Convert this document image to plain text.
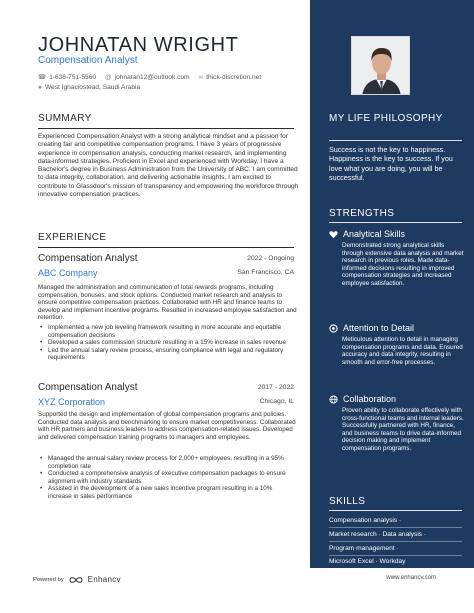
JOHNATAN WRIGHT
Compensation Analyst
☎ 1-638-751-5560 @ johnatan12@outlook.com ∞ thick-discretion.net
● West Ignaciostead, Saudi Arabia
SUMMARY
Experienced Compensation Analyst with a strong analytical mindset and a passion for creating fair and competitive compensation programs. I have 3 years of progressive experience in compensation analysis, conducting market research, and implementing data-informed strategies. Proficient in Excel and experienced with Workday, I have a Bachelor's degree in Business Administration from the University of ABC. I am committed to data integrity, collaboration, and delivering actionable insights. I am excited to contribute to Glassdoor's mission of transparency and empowering the workforce through innovative compensation practices.
EXPERIENCE
Compensation Analyst	2022 - Ongoing
ABC Company	San Francisco, CA
Managed the administration and communication of total rewards programs, including compensation, bonuses, and stock options. Conducted market research and analysis to ensure competitive compensation practices. Collaborated with HR and finance teams to develop and implement incentive programs. Resulted in increased employee satisfaction and retention.
• Implemented a new job leveling framework resulting in more accurate and equitable compensation decisions
• Developed a sales commission structure resulting in a 15% increase in sales revenue
• Led the annual salary review process, ensuring compliance with legal and regulatory requirements
Compensation Analyst	2017 - 2022
XYZ Corporation	Chicago, IL
Supported the design and implementation of global compensation programs and policies. Conducted data analysis and benchmarking to ensure market competitiveness. Collaborated with HR partners and business leaders to address compensation-related issues. Developed and delivered compensation training programs to managers and employees.
• Managed the annual salary review process for 2,000+ employees, resulting in a 95% completion rate
• Conducted a comprehensive analysis of executive compensation packages to ensure alignment with industry standards
• Assisted in the development of a new sales incentive program resulting in a 10% increase in sales performance
MY LIFE PHILOSOPHY
Success is not the key to happiness. Happiness is the key to success. If you love what you are doing, you will be successful.
STRENGTHS
Analytical Skills
Demonstrated strong analytical skills through extensive data analysis and market research in previous roles. Made data-informed decisions resulting in improved compensation strategies and increased employee satisfaction.
Attention to Detail
Meticulous attention to detail in managing compensation programs and data. Ensured accuracy and data integrity, resulting in smooth and error-free processes.
Collaboration
Proven ability to collaborate effectively with cross-functional teams and internal leaders. Successfully partnered with HR, finance, and business teams to drive data-informed decision making and implement compensation programs.
SKILLS
Compensation analysis ·
Market research · Data analysis ·
Program management ·
Microsoft Excel · Workday
Powered by	Enhancv	www.enhancv.com
